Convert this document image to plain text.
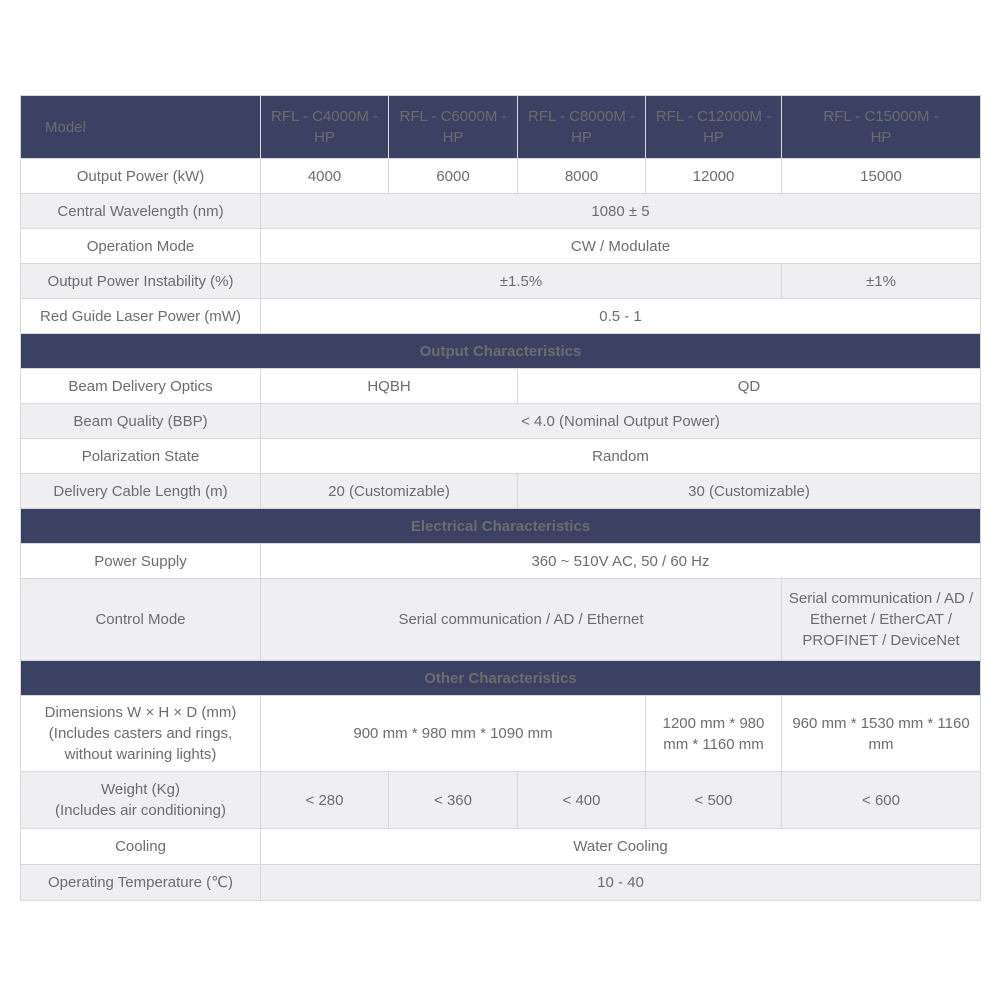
Model	RFL - C4000M - HP	RFL - C6000M - HP	RFL - C8000M - HP	RFL - C12000M - HP	RFL - C15000M - HP
Output Power (kW)	4000	6000	8000	12000	15000
Central Wavelength (nm)	1080 ± 5				
Operation Mode	CW / Modulate				
Output Power Instability (%)	±1.5%				±1%
Red Guide Laser Power (mW)	0.5 - 1				
Output Characteristics					
Beam Delivery Optics	HQBH		QD		
Beam Quality (BBP)	< 4.0 (Nominal Output Power)				
Polarization State	Random				
Delivery Cable Length (m)	20 (Customizable)		30 (Customizable)		
Electrical Characteristics					
Power Supply	360 ~ 510V AC, 50 / 60 Hz				
Control Mode	Serial communication / AD / Ethernet				Serial communication / AD / Ethernet / EtherCAT / PROFINET / DeviceNet
Other Characteristics					

Dimensions W × H × D (mm)
(Includes casters and rings,
without warining lights)	900 mm * 980 mm * 1090 mm			1200 mm * 980 mm * 1160 mm	960 mm * 1530 mm * 1160 mm

Weight (Kg)
(Includes air conditioning)	< 280	< 360	< 400	< 500	< 600
Cooling	Water Cooling				
Operating Temperature (℃)	10 - 40				
